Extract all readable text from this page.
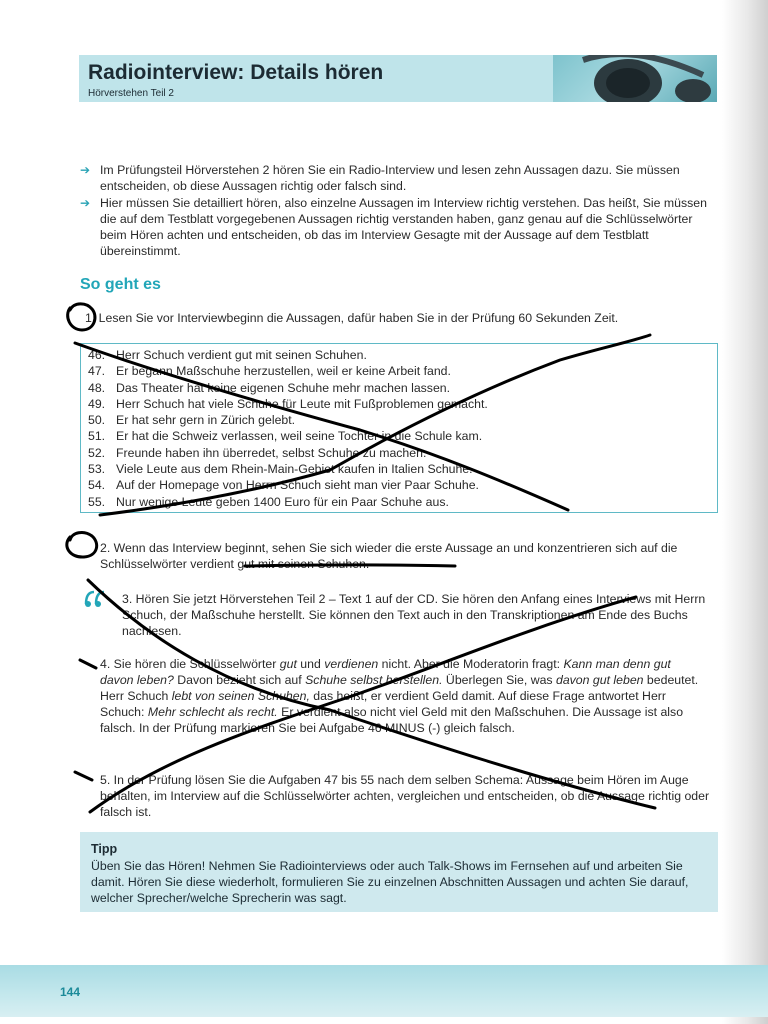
Radiointerview: Details hören
Hörverstehen Teil 2
➔ Im Prüfungsteil Hörverstehen 2 hören Sie ein Radio-Interview und lesen zehn Aussagen dazu. Sie müssen entscheiden, ob diese Aussagen richtig oder falsch sind.
➔ Hier müssen Sie detailliert hören, also einzelne Aussagen im Interview richtig verstehen. Das heißt, Sie müssen die auf dem Testblatt vorgegebenen Aussagen richtig verstanden haben, ganz genau auf die Schlüsselwörter beim Hören achten und entscheiden, ob das im Interview Gesagte mit der Aussage auf dem Testblatt übereinstimmt.
So geht es
1. Lesen Sie vor Interviewbeginn die Aussagen, dafür haben Sie in der Prüfung 60 Sekunden Zeit.
46. Herr Schuch verdient gut mit seinen Schuhen.
47. Er begann Maßschuhe herzustellen, weil er keine Arbeit fand.
48. Das Theater hat keine eigenen Schuhe mehr machen lassen.
49. Herr Schuch hat viele Schuhe für Leute mit Fußproblemen gemacht.
50. Er hat sehr gern in Zürich gelebt.
51. Er hat die Schweiz verlassen, weil seine Tochter in die Schule kam.
52. Freunde haben ihn überredet, selbst Schuhe zu machen.
53. Viele Leute aus dem Rhein-Main-Gebiet kaufen in Italien Schuhe.
54. Auf der Homepage von Herrn Schuch sieht man vier Paar Schuhe.
55. Nur wenige Leute geben 1400 Euro für ein Paar Schuhe aus.
2. Wenn das Interview beginnt, sehen Sie sich wieder die erste Aussage an und konzentrieren sich auf die Schlüsselwörter verdient gut mit seinen Schuhen.
3. Hören Sie jetzt Hörverstehen Teil 2 – Text 1 auf der CD. Sie hören den Anfang eines Interviews mit Herrn Schuch, der Maßschuhe herstellt. Sie können den Text auch in den Transkriptionen am Ende des Buchs nachlesen.
4. Sie hören die Schlüsselwörter gut und verdienen nicht. Aber die Moderatorin fragt: Kann man denn gut davon leben? Davon bezieht sich auf Schuhe selbst herstellen. Überlegen Sie, was davon gut leben bedeutet. Herr Schuch lebt von seinen Schuhen, das heißt, er verdient Geld damit. Auf diese Frage antwortet Herr Schuch: Mehr schlecht als recht. Er verdient also nicht viel Geld mit den Maßschuhen. Die Aussage ist also falsch. In der Prüfung markieren Sie bei Aufgabe 46 MINUS (-) gleich falsch.
5. In der Prüfung lösen Sie die Aufgaben 47 bis 55 nach dem selben Schema: Aussage beim Hören im Auge behalten, im Interview auf die Schlüsselwörter achten, vergleichen und entscheiden, ob die Aussage richtig oder falsch ist.
Tipp
Üben Sie das Hören! Nehmen Sie Radiointerviews oder auch Talk-Shows im Fernsehen auf und arbeiten Sie damit. Hören Sie diese wiederholt, formulieren Sie zu einzelnen Abschnitten Aussagen und achten Sie darauf, welcher Sprecher/welche Sprecherin was sagt.
144
